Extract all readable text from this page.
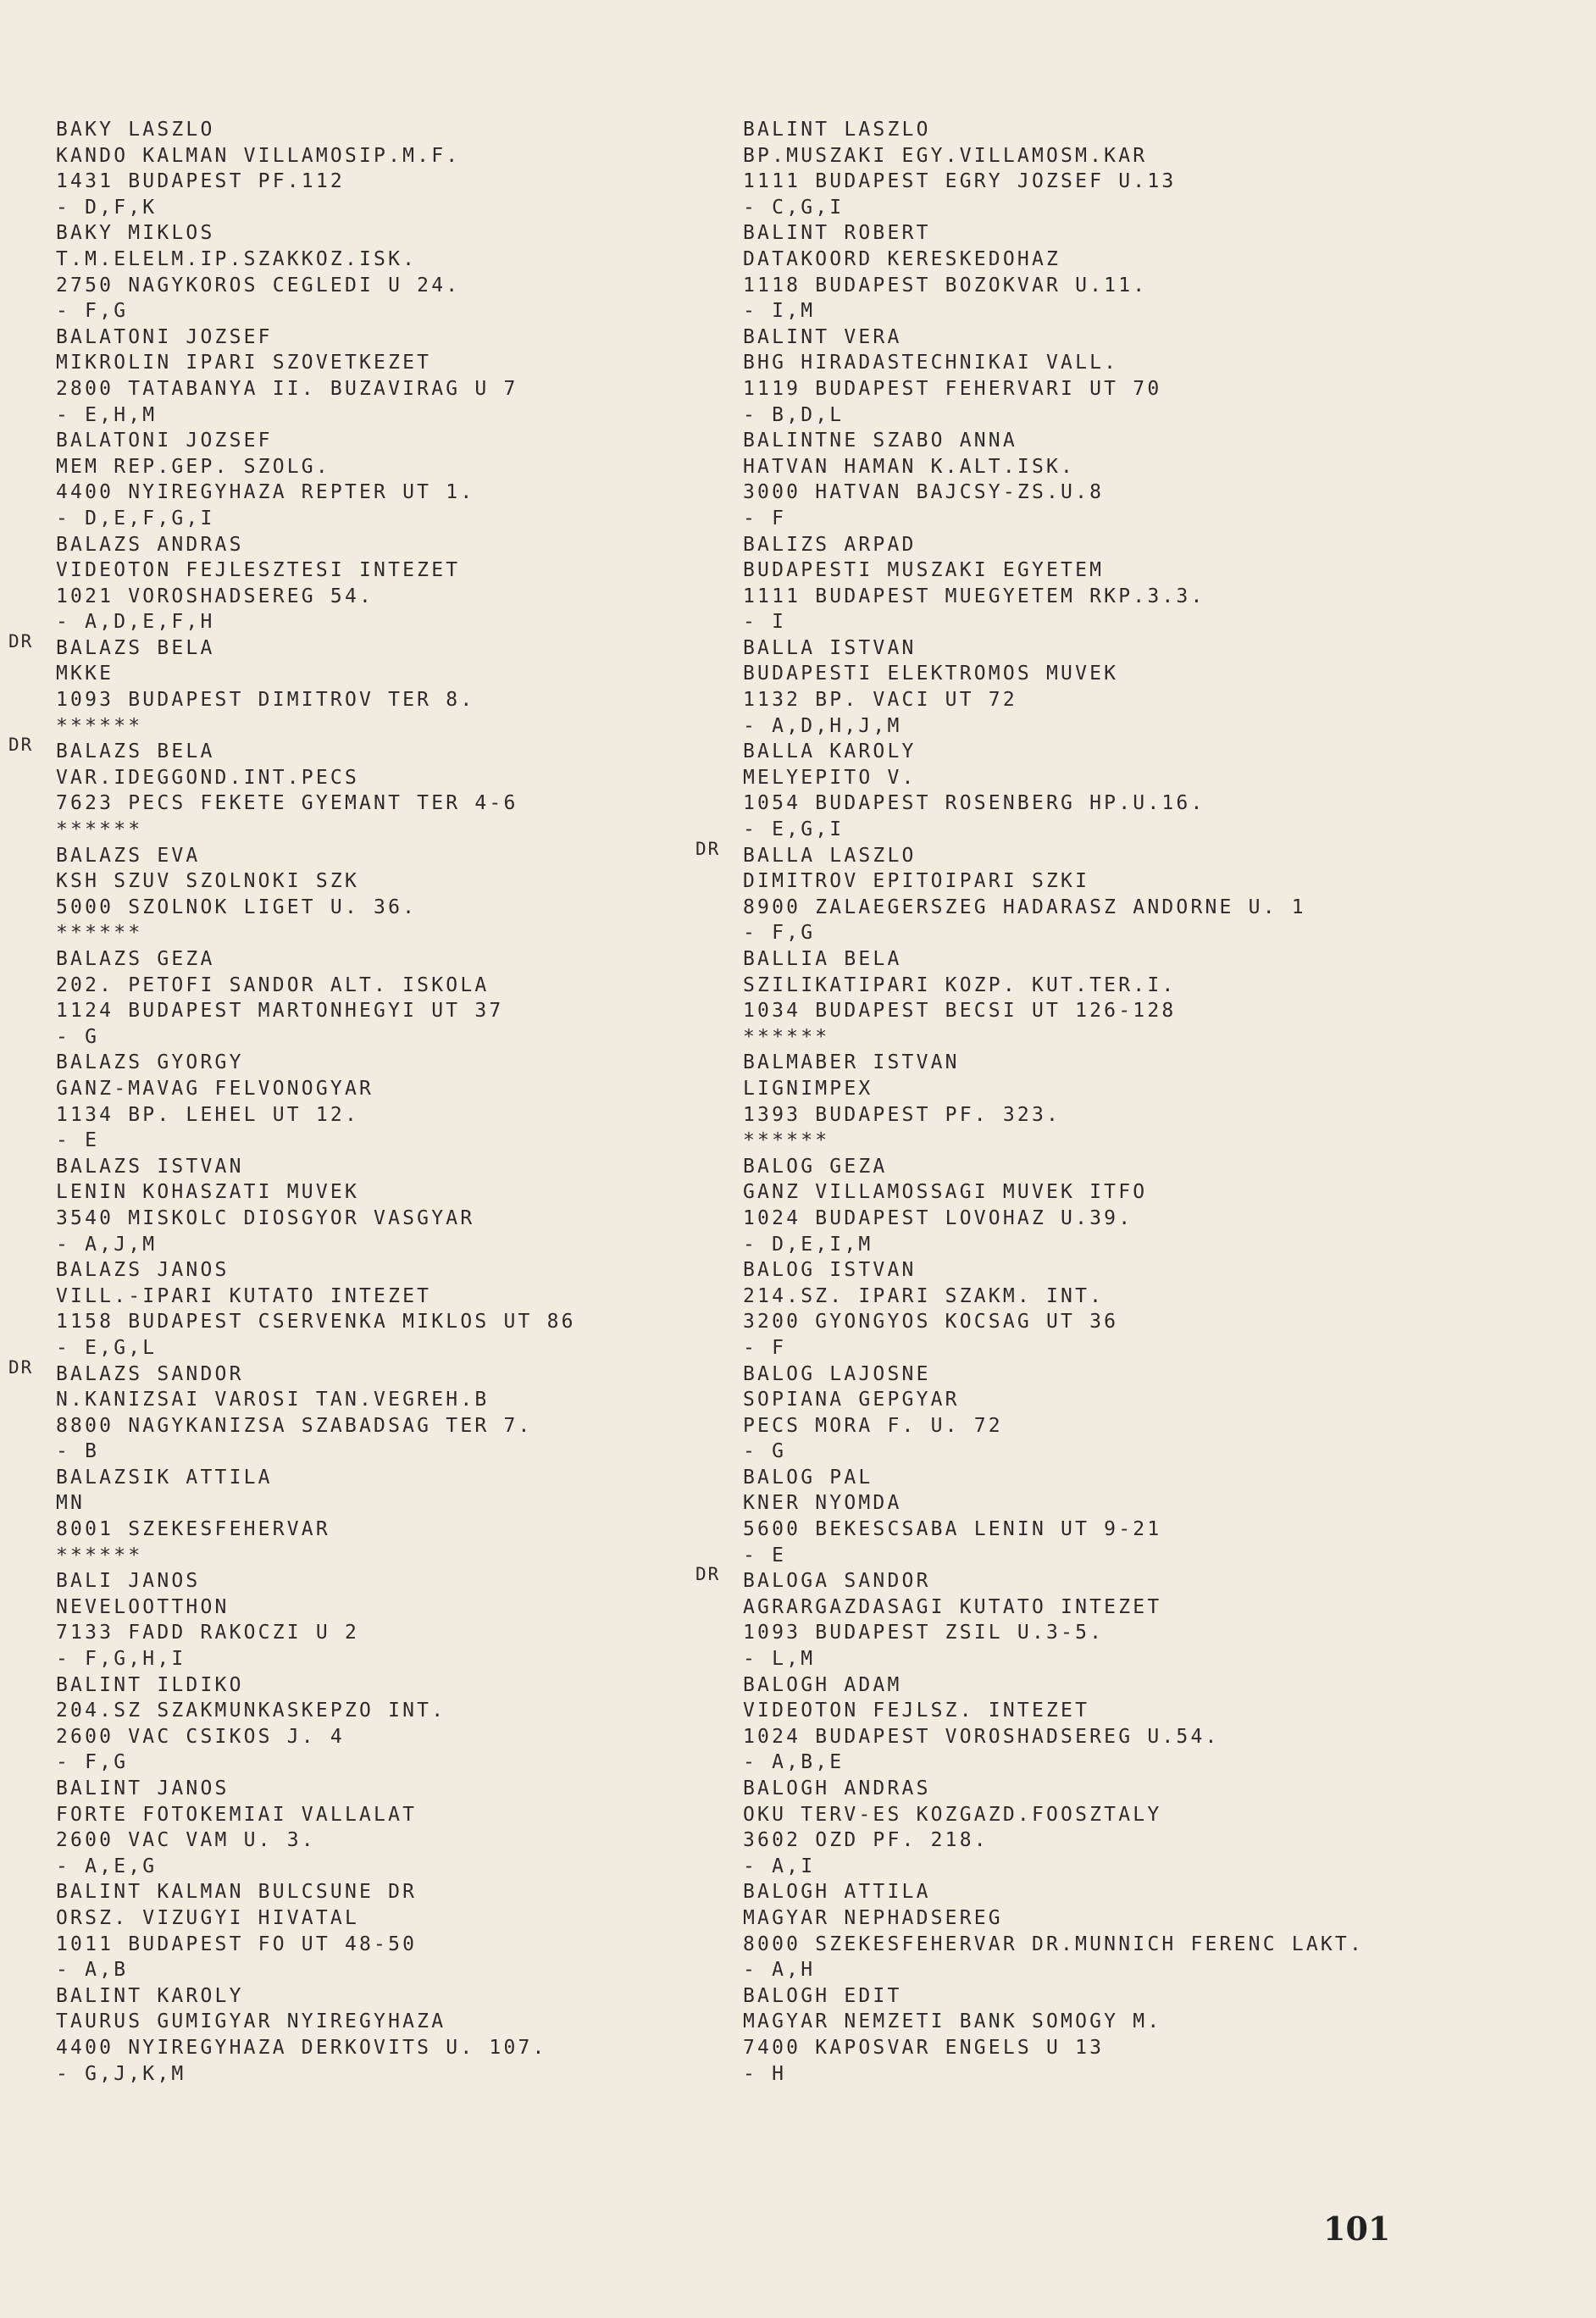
BAKY LASZLO
KANDO KALMAN VILLAMOSIP.M.F.
1431 BUDAPEST PF.112
- D,F,K
BAKY MIKLOS
T.M.ELELM.IP.SZAKKOZ.ISK.
2750 NAGYKOROS CEGLEDI U 24.
- F,G
BALATONI JOZSEF
MIKROLIN IPARI SZOVETKEZET
2800 TATABANYA II. BUZAVIRAG U 7
- E,H,M
BALATONI JOZSEF
MEM REP.GEP. SZOLG.
4400 NYIREGYHAZA REPTER UT 1.
- D,E,F,G,I
BALAZS ANDRAS
VIDEOTON FEJLESZTESI INTEZET
1021 VOROSHADSEREG 54.
- A,D,E,F,H
DR BALAZS BELA
MKKE
1093 BUDAPEST DIMITROV TER 8.
******
DR BALAZS BELA
VAR.IDEGGOND.INT.PECS
7623 PECS FEKETE GYEMANT TER 4-6
******
BALAZS EVA
KSH SZUV SZOLNOKI SZK
5000 SZOLNOK LIGET U. 36.
******
BALAZS GEZA
202. PETOFI SANDOR ALT. ISKOLA
1124 BUDAPEST MARTONHEGYI UT 37
- G
BALAZS GYORGY
GANZ-MAVAG FELVONOGYAR
1134 BP. LEHEL UT 12.
- E
BALAZS ISTVAN
LENIN KOHASZATI MUVEK
3540 MISKOLC DIOSGYOR VASGYAR
- A,J,M
BALAZS JANOS
VILL.-IPARI KUTATO INTEZET
1158 BUDAPEST CSERVENKA MIKLOS UT 86
- E,G,L
DR BALAZS SANDOR
N.KANIZSAI VAROSI TAN.VEGREH.B
8800 NAGYKANIZSA SZABADSAG TER 7.
- B
BALAZSIK ATTILA
MN
8001 SZEKESFEHERVAR
******
BALI JANOS
NEVELOOTTHON
7133 FADD RAKOCZI U 2
- F,G,H,I
BALINT ILDIKO
204.SZ SZAKMUNKASKEPZO INT.
2600 VAC CSIKOS J. 4
- F,G
BALINT JANOS
FORTE FOTOKEMIAI VALLALAT
2600 VAC VAM U. 3.
- A,E,G
BALINT KALMAN BULCSUNE DR
ORSZ. VIZUGYI HIVATAL
1011 BUDAPEST FO UT 48-50
- A,B
BALINT KAROLY
TAURUS GUMIGYAR NYIREGYHAZA
4400 NYIREGYHAZA DERKOVITS U. 107.
- G,J,K,M
BALINT LASZLO
BP.MUSZAKI EGY.VILLAMOSM.KAR
1111 BUDAPEST EGRY JOZSEF U.13
- C,G,I
BALINT ROBERT
DATAKOORD KERESKEDOHAZ
1118 BUDAPEST BOZOKVAR U.11.
- I,M
BALINT VERA
BHG HIRADASTECHNIKAI VALL.
1119 BUDAPEST FEHERVARI UT 70
- B,D,L
BALINTNE SZABO ANNA
HATVAN HAMAN K.ALT.ISK.
3000 HATVAN BAJCSY-ZS.U.8
- F
BALIZS ARPAD
BUDAPESTI MUSZAKI EGYETEM
1111 BUDAPEST MUEGYETEM RKP.3.3.
- I
BALLA ISTVAN
BUDAPESTI ELEKTROMOS MUVEK
1132 BP. VACI UT 72
- A,D,H,J,M
BALLA KAROLY
MELYEPITO V.
1054 BUDAPEST ROSENBERG HP.U.16.
- E,G,I
DR BALLA LASZLO
DIMITROV EPITOIPARI SZKI
8900 ZALAEGERSZEG HADARASZ ANDORNE U. 1
- F,G
BALLIA BELA
SZILIKATIPARI KOZP. KUT.TER.I.
1034 BUDAPEST BECSI UT 126-128
******
BALMABER ISTVAN
LIGNIMPEX
1393 BUDAPEST PF. 323.
******
BALOG GEZA
GANZ VILLAMOSSAGI MUVEK ITFO
1024 BUDAPEST LOVOHAZ U.39.
- D,E,I,M
BALOG ISTVAN
214.SZ. IPARI SZAKM. INT.
3200 GYONGYOS KOCSAG UT 36
- F
BALOG LAJOSNE
SOPIANA GEPGYAR
PECS MORA F. U. 72
- G
BALOG PAL
KNER NYOMDA
5600 BEKESCSABA LENIN UT 9-21
- E
DR BALOGA SANDOR
AGRARGAZDASAGI KUTATO INTEZET
1093 BUDAPEST ZSIL U.3-5.
- L,M
BALOGH ADAM
VIDEOTON FEJLSZ. INTEZET
1024 BUDAPEST VOROSHADSEREG U.54.
- A,B,E
BALOGH ANDRAS
OKU TERV-ES KOZGAZD.FOOSZTALY
3602 OZD PF. 218.
- A,I
BALOGH ATTILA
MAGYAR NEPHADSEREG
8000 SZEKESFEHERVAR DR.MUNNICH FERENC LAKT.
- A,H
BALOGH EDIT
MAGYAR NEMZETI BANK SOMOGY M.
7400 KAPOSVAR ENGELS U 13
- H
101
